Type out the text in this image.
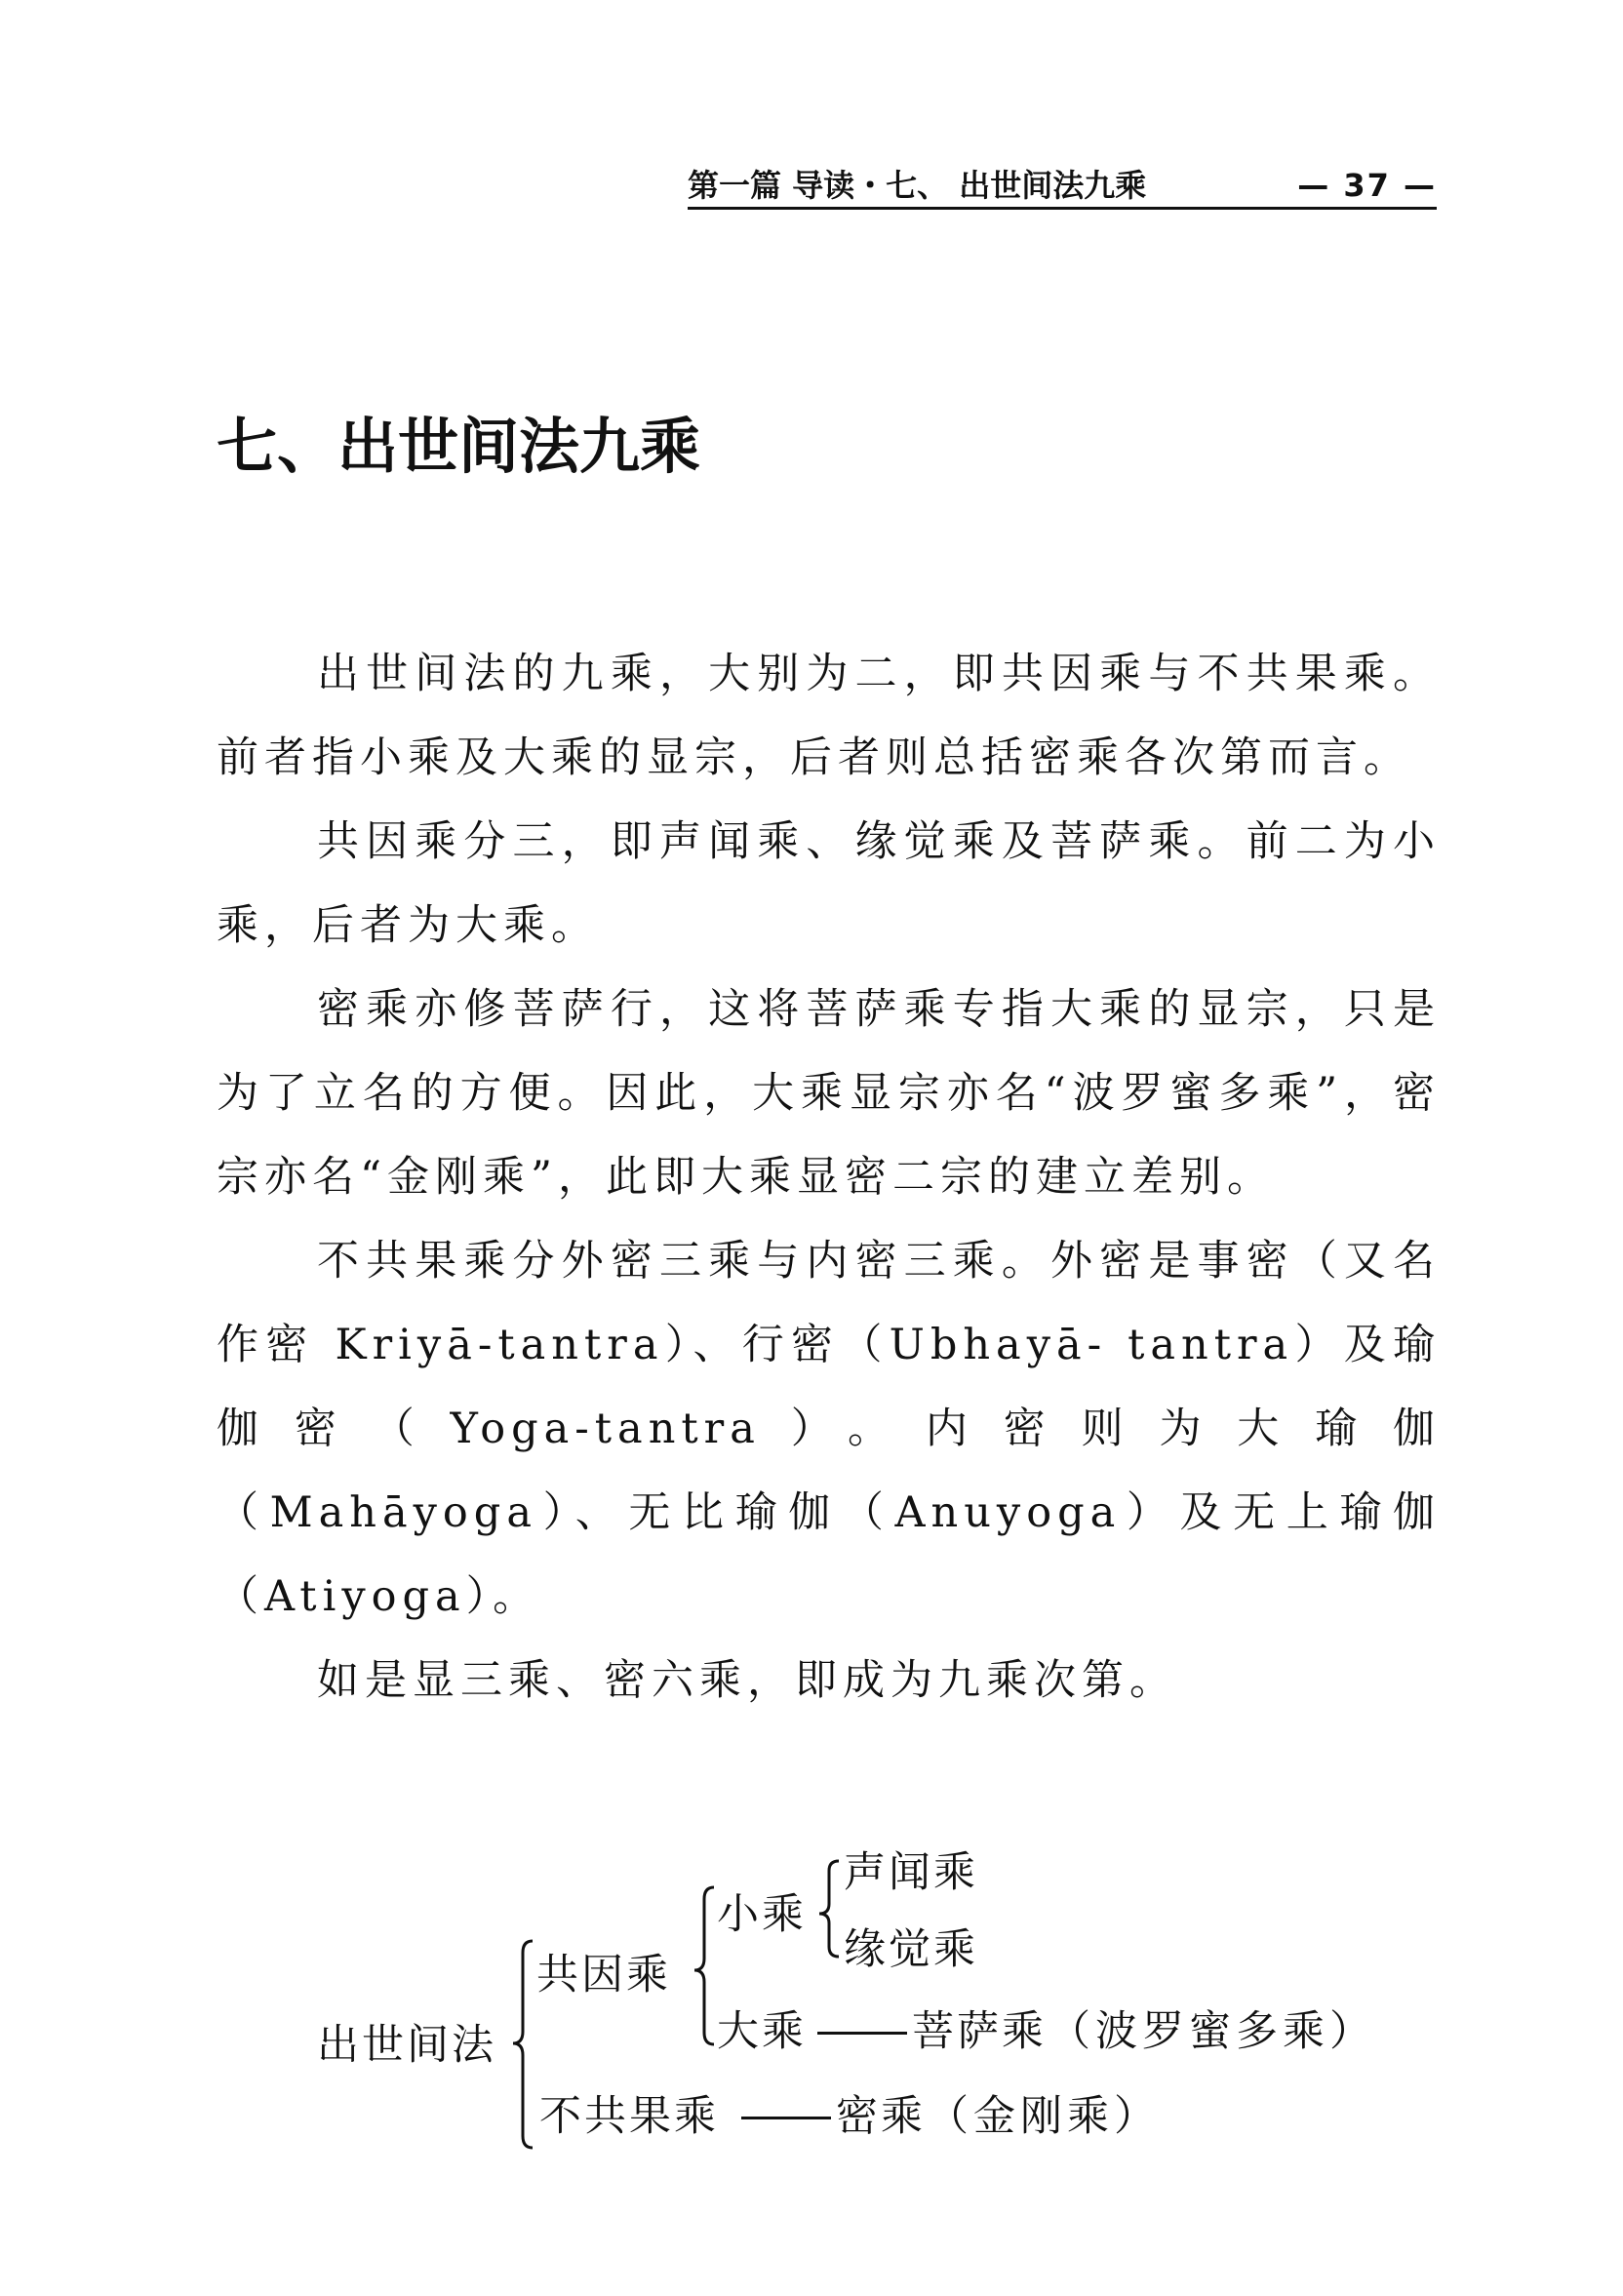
第一篇 导读・七、 出世间法九乘	— 37 —
七、出世间法九乘

出世间法的九乘，大别为二，即共因乘与不共果乘。前者指小乘及大乘的显宗，后者则总括密乘各次第而言。

共因乘分三，即声闻乘、缘觉乘及菩萨乘。前二为小乘，后者为大乘。

密乘亦修菩萨行，这将菩萨乘专指大乘的显宗，只是为了立名的方便。因此，大乘显宗亦名“波罗蜜多乘”，密宗亦名“金刚乘”，此即大乘显密二宗的建立差别。

不共果乘分外密三乘与内密三乘。外密是事密（又名作密 Kriyā-tantra）、行密（Ubhayā- tantra）及瑜伽密（Yoga-tantra）。内密则为大瑜伽（Mahāyoga）、无比瑜伽（Anuyoga）及无上瑜伽（Atiyoga）。

如是显三乘、密六乘，即成为九乘次第。

出世间法
共因乘
小乘
声闻乘
缘觉乘
大乘	菩萨乘 （波罗蜜多乘）
不共果乘	密乘 （金刚乘）
